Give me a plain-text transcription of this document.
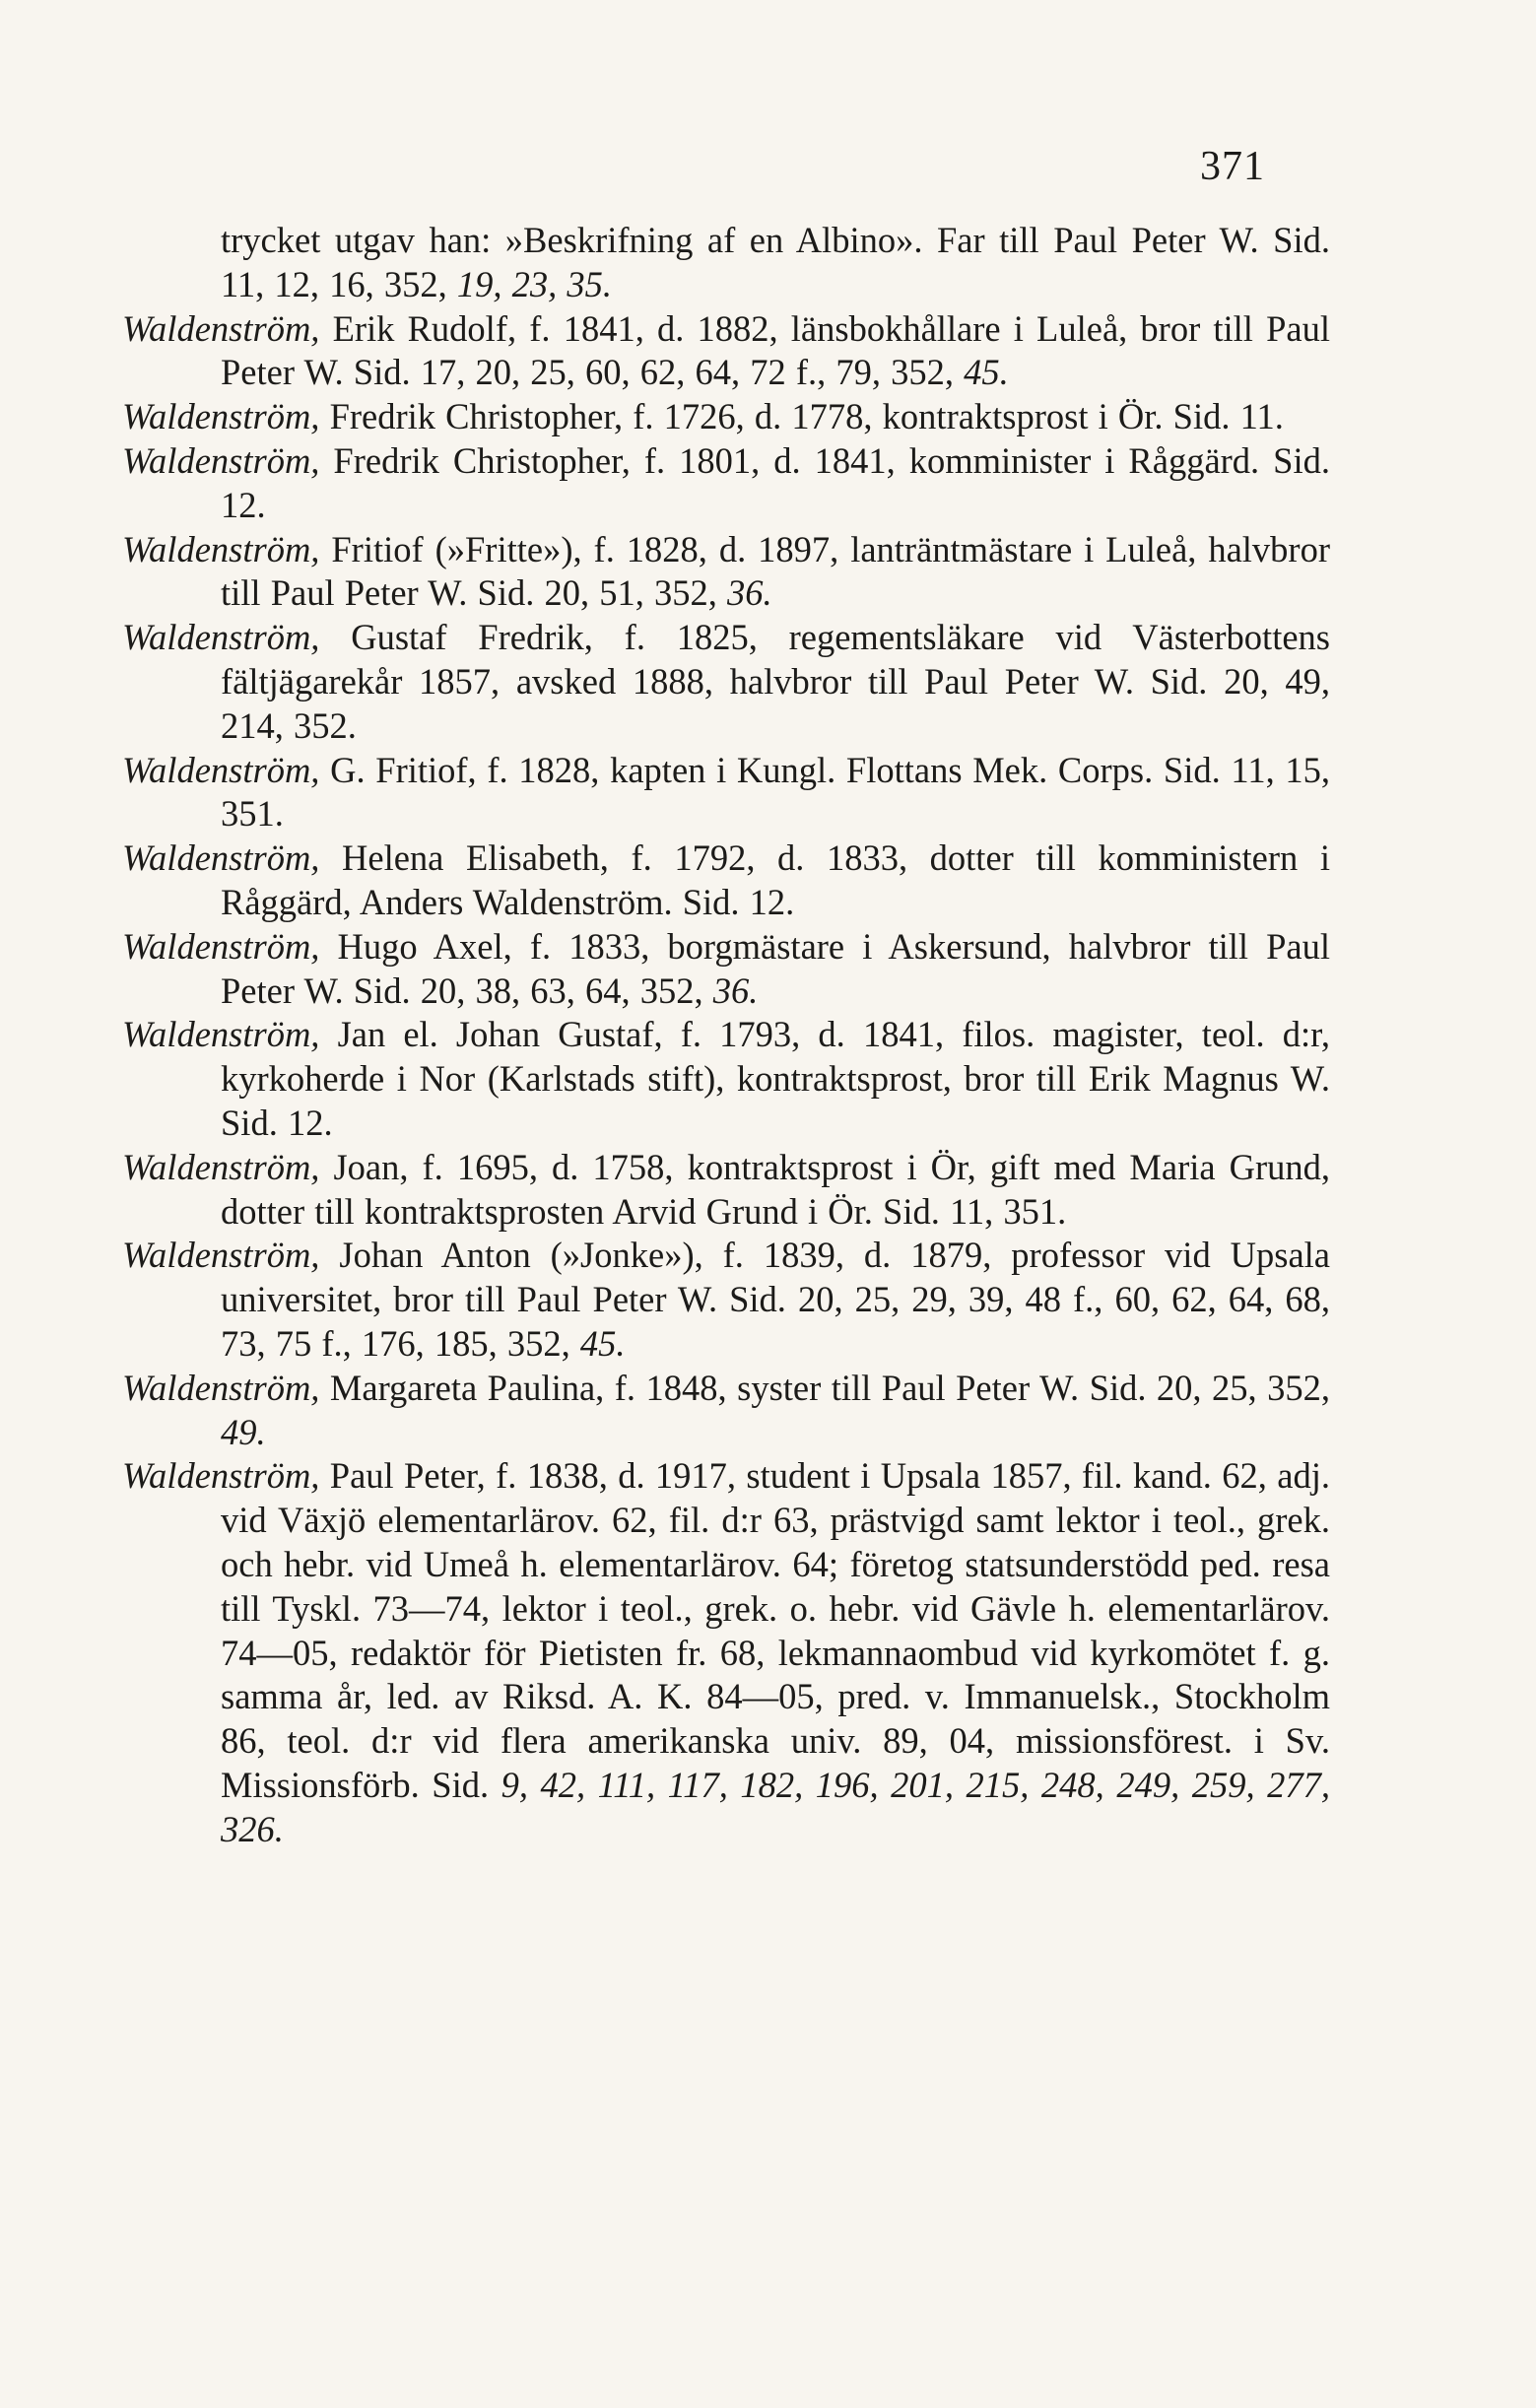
371

trycket utgav han: »Beskrifning af en Albino». Far till Paul Peter W. Sid. 11, 12, 16, 352, 19, 23, 35.

Waldenström, Erik Rudolf, f. 1841, d. 1882, länsbokhållare i Luleå, bror till Paul Peter W. Sid. 17, 20, 25, 60, 62, 64, 72 f., 79, 352, 45.

Waldenström, Fredrik Christopher, f. 1726, d. 1778, kontraktsprost i Ör. Sid. 11.

Waldenström, Fredrik Christopher, f. 1801, d. 1841, komminister i Råggärd. Sid. 12.

Waldenström, Fritiof (»Fritte»), f. 1828, d. 1897, lanträntmästare i Luleå, halvbror till Paul Peter W. Sid. 20, 51, 352, 36.

Waldenström, Gustaf Fredrik, f. 1825, regementsläkare vid Västerbottens fältjägarekår 1857, avsked 1888, halvbror till Paul Peter W. Sid. 20, 49, 214, 352.

Waldenström, G. Fritiof, f. 1828, kapten i Kungl. Flottans Mek. Corps. Sid. 11, 15, 351.

Waldenström, Helena Elisabeth, f. 1792, d. 1833, dotter till komministern i Råggärd, Anders Waldenström. Sid. 12.

Waldenström, Hugo Axel, f. 1833, borgmästare i Askersund, halvbror till Paul Peter W. Sid. 20, 38, 63, 64, 352, 36.

Waldenström, Jan el. Johan Gustaf, f. 1793, d. 1841, filos. magister, teol. d:r, kyrkoherde i Nor (Karlstads stift), kontraktsprost, bror till Erik Magnus W. Sid. 12.

Waldenström, Joan, f. 1695, d. 1758, kontraktsprost i Ör, gift med Maria Grund, dotter till kontraktsprosten Arvid Grund i Ör. Sid. 11, 351.

Waldenström, Johan Anton (»Jonke»), f. 1839, d. 1879, professor vid Upsala universitet, bror till Paul Peter W. Sid. 20, 25, 29, 39, 48 f., 60, 62, 64, 68, 73, 75 f., 176, 185, 352, 45.

Waldenström, Margareta Paulina, f. 1848, syster till Paul Peter W. Sid. 20, 25, 352, 49.

Waldenström, Paul Peter, f. 1838, d. 1917, student i Upsala 1857, fil. kand. 62, adj. vid Växjö elementarlärov. 62, fil. d:r 63, prästvigd samt lektor i teol., grek. och hebr. vid Umeå h. elementarlärov. 64; företog statsunderstödd ped. resa till Tyskl. 73—74, lektor i teol., grek. o. hebr. vid Gävle h. elementarlärov. 74—05, redaktör för Pietisten fr. 68, lekmannaombud vid kyrkomötet f. g. samma år, led. av Riksd. A. K. 84—05, pred. v. Immanuelsk., Stockholm 86, teol. d:r vid flera amerikanska univ. 89, 04, missionsförest. i Sv. Missionsförb. Sid. 9, 42, 111, 117, 182, 196, 201, 215, 248, 249, 259, 277, 326.
